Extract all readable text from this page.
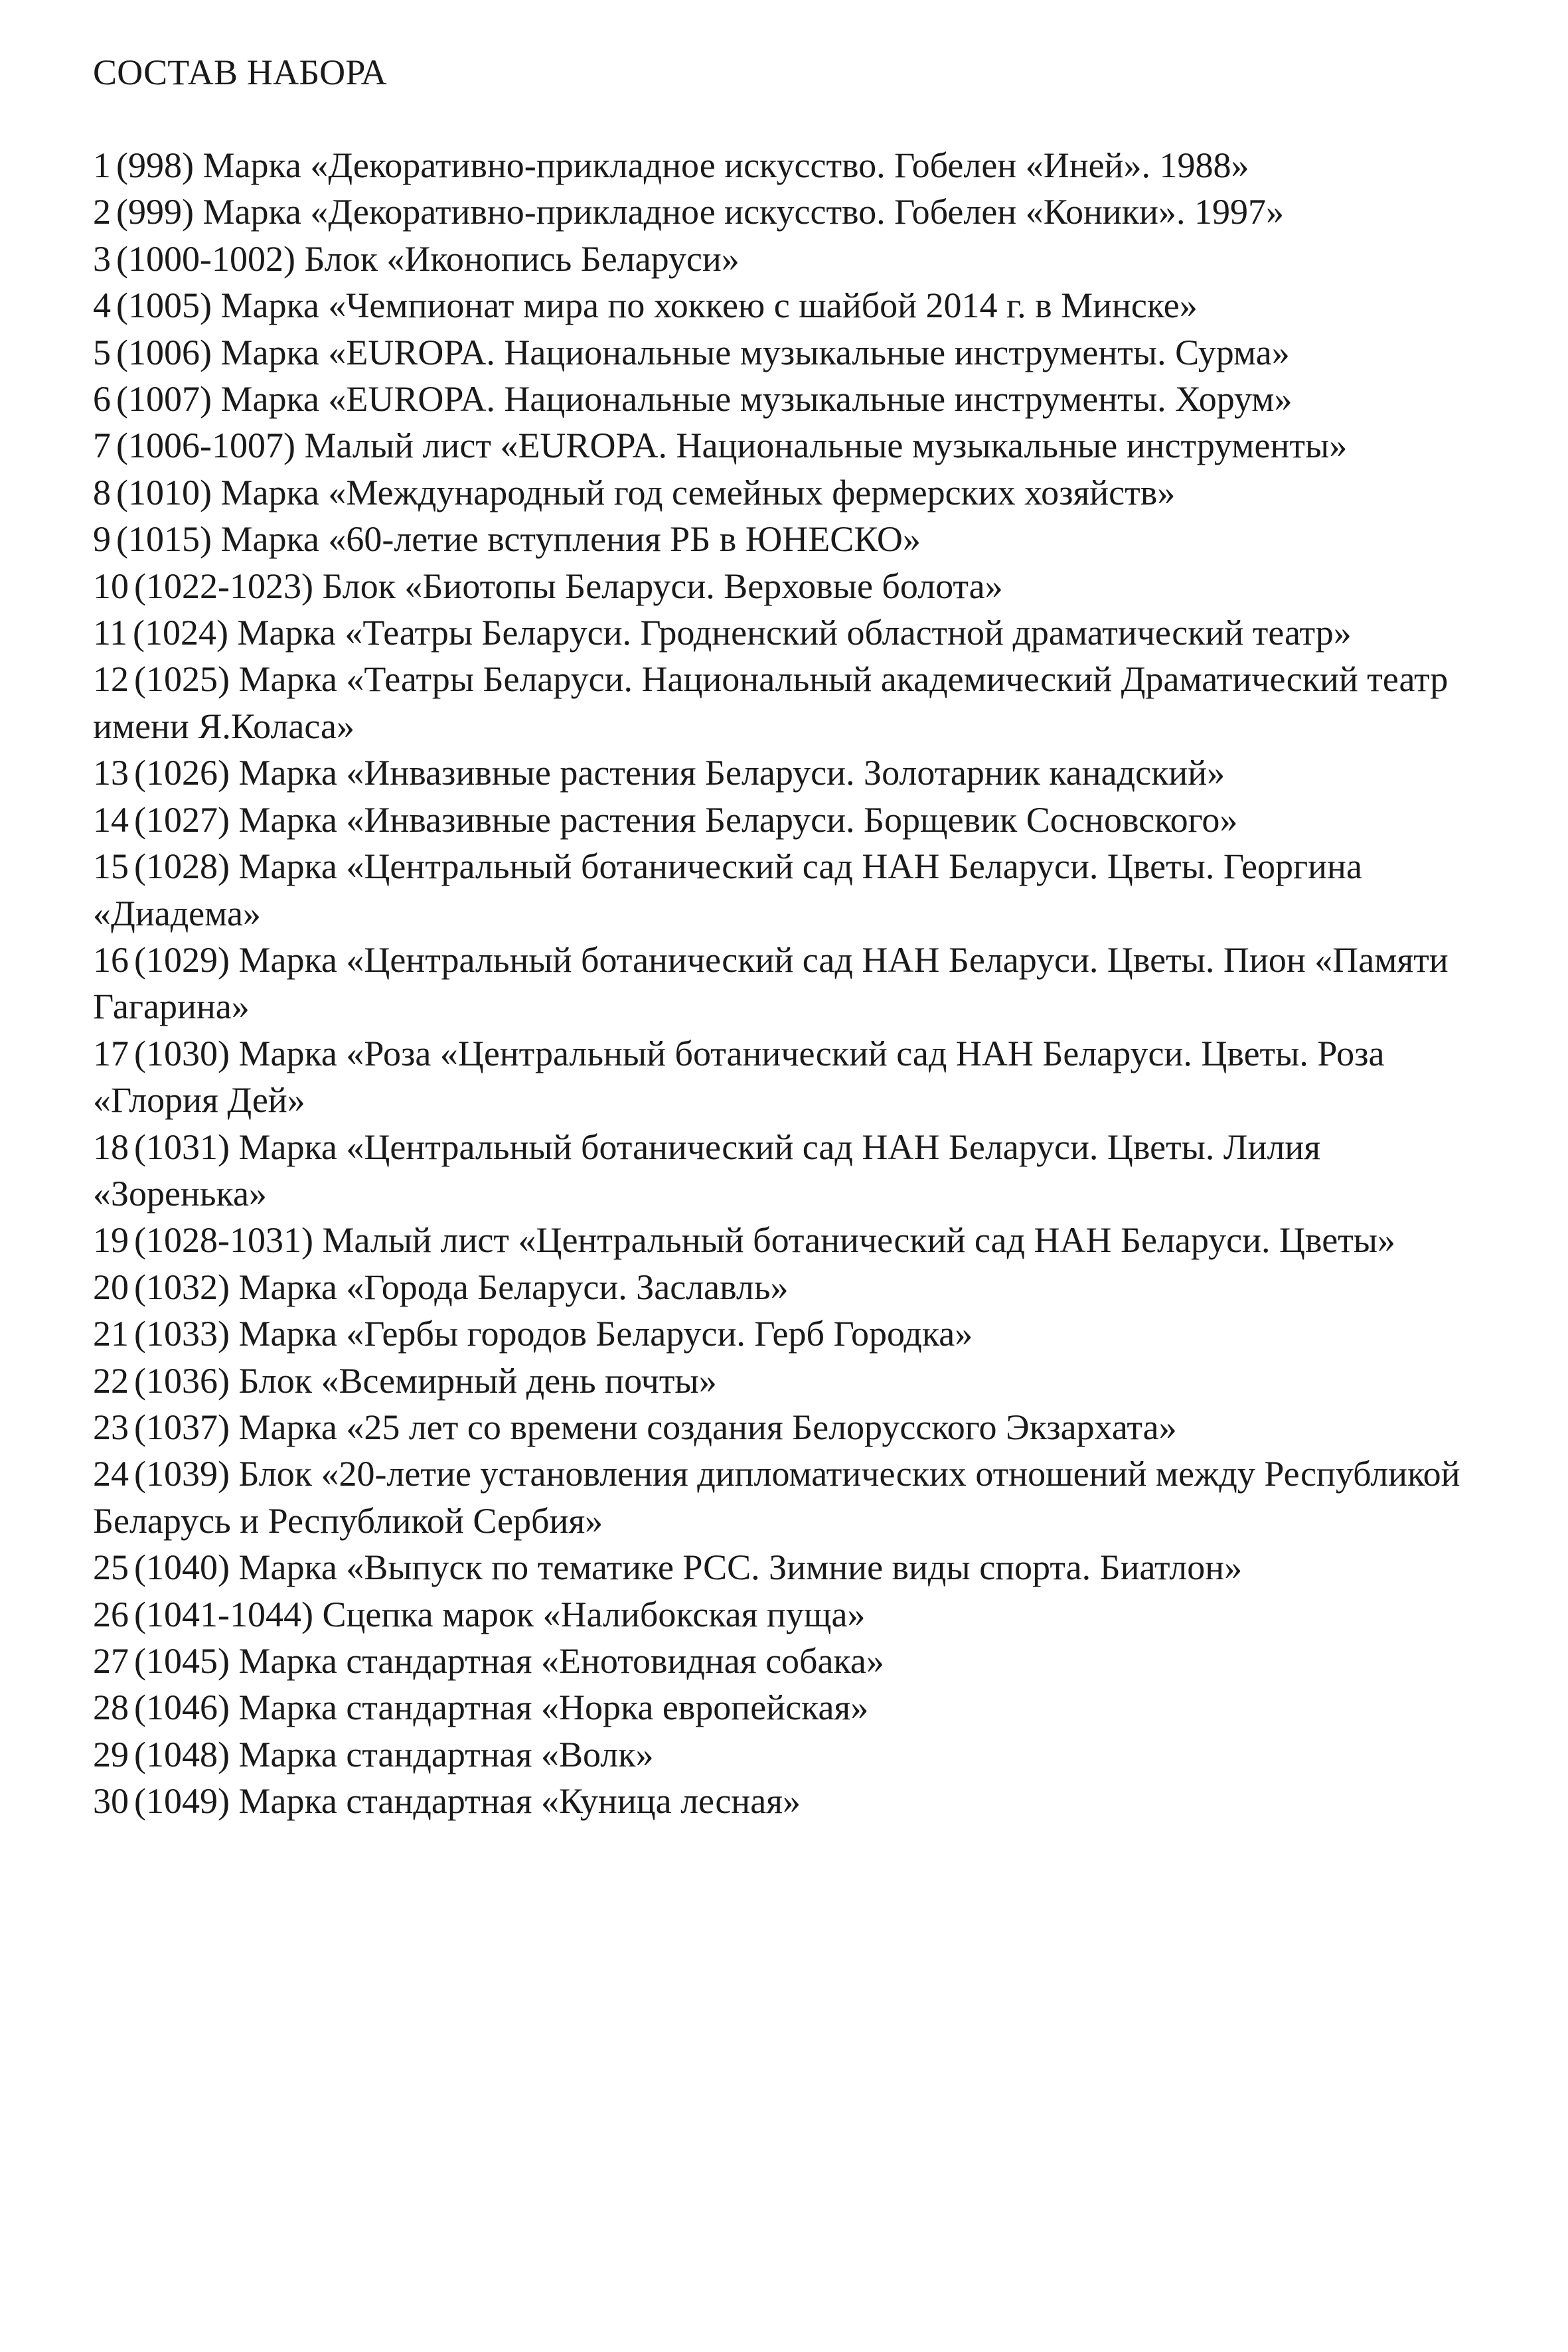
СОСТАВ НАБОРА
1 (998) Марка «Декоративно-прикладное искусство. Гобелен «Иней». 1988»
2 (999) Марка «Декоративно-прикладное искусство. Гобелен «Коники». 1997»
3 (1000-1002) Блок «Иконопись Беларуси»
4 (1005) Марка «Чемпионат мира по хоккею с шайбой 2014 г. в Минске»
5 (1006) Марка «EUROPA. Национальные музыкальные инструменты. Сурма»
6 (1007) Марка «EUROPA. Национальные музыкальные инструменты. Хорум»
7 (1006-1007) Малый лист «EUROPA. Национальные музыкальные инструменты»
8 (1010) Марка «Международный год семейных фермерских хозяйств»
9 (1015) Марка «60-летие вступления РБ в ЮНЕСКО»
10 (1022-1023) Блок «Биотопы Беларуси. Верховые болота»
11 (1024) Марка «Театры Беларуси. Гродненский областной драматический театр»
12 (1025) Марка «Театры Беларуси. Национальный академический Драматический театр имени Я.Коласа»
13 (1026) Марка «Инвазивные растения Беларуси. Золотарник канадский»
14 (1027) Марка «Инвазивные растения Беларуси. Борщевик Сосновского»
15 (1028) Марка «Центральный ботанический сад НАН Беларуси. Цветы. Георгина «Диадема»
16 (1029) Марка «Центральный ботанический сад НАН Беларуси. Цветы. Пион «Памяти Гагарина»
17 (1030) Марка «Роза «Центральный ботанический сад НАН Беларуси. Цветы. Роза «Глория Дей»
18 (1031) Марка «Центральный ботанический сад НАН Беларуси. Цветы. Лилия «Зоренька»
19 (1028-1031) Малый лист «Центральный ботанический сад НАН Беларуси. Цветы»
20 (1032) Марка «Города Беларуси. Заславль»
21 (1033) Марка «Гербы городов Беларуси. Герб Городка»
22 (1036) Блок «Всемирный день почты»
23 (1037) Марка «25 лет со времени создания Белорусского Экзархата»
24 (1039) Блок «20-летие установления дипломатических отношений между Республикой Беларусь и Республикой Сербия»
25 (1040) Марка «Выпуск по тематике РСС. Зимние виды спорта. Биатлон»
26 (1041-1044) Сцепка марок «Налибокская пуща»
27 (1045) Марка стандартная «Енотовидная собака»
28 (1046) Марка стандартная «Норка европейская»
29 (1048) Марка стандартная «Волк»
30 (1049) Марка стандартная «Куница лесная»
